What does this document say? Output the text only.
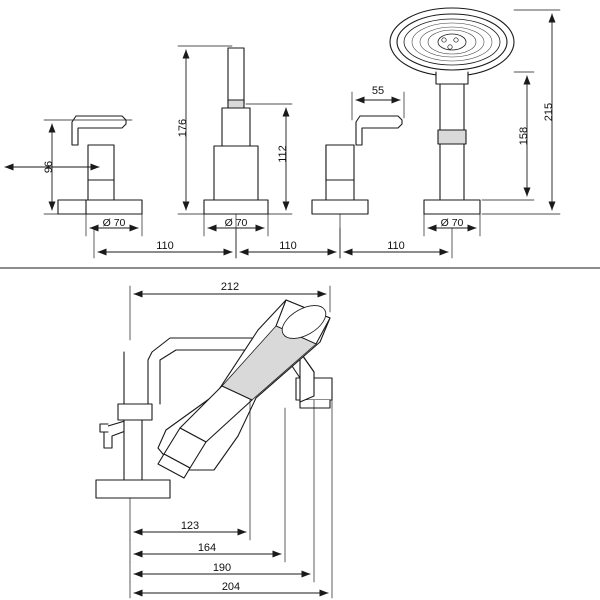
96
176
112
55
215
158
Ø 70	Ø 70	Ø 70
110	110	110
212
123
164
190
204
